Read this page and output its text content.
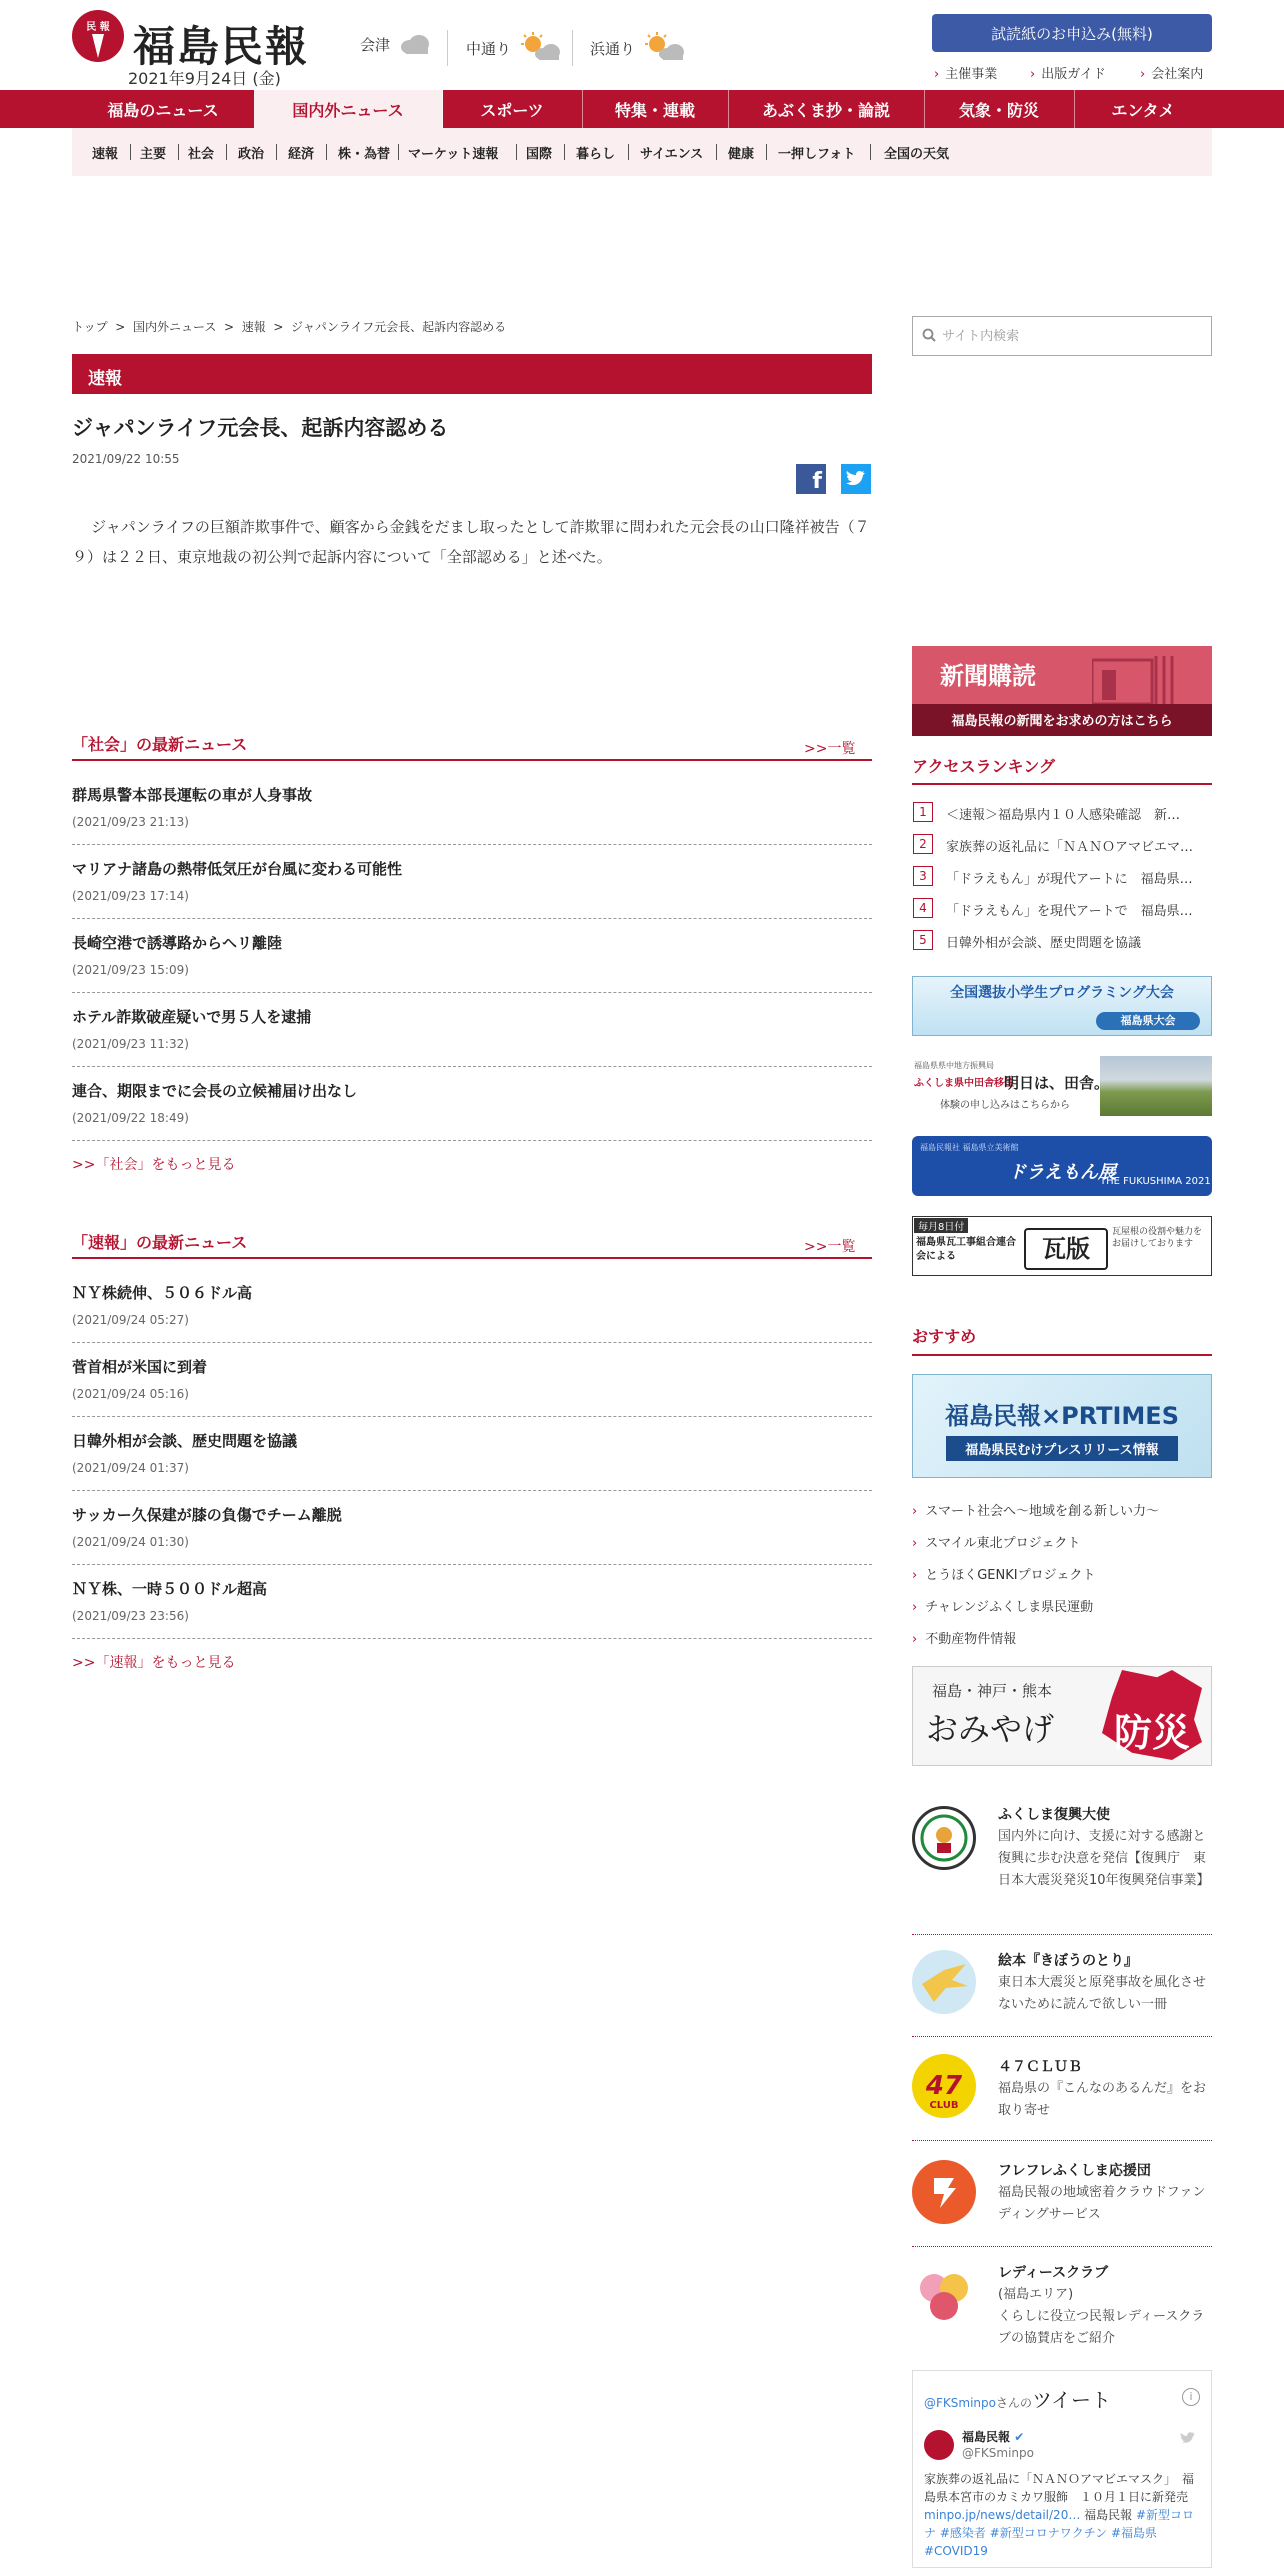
民 報 福島民報
2021年9月24日 (金)
会津	中通り	浜通り
試読紙のお申込み(無料)
› 主催事業	› 出版ガイド	› 会社案内
福島のニュース	国内外ニュース	スポーツ	特集・連載	あぶくま抄・論説	気象・防災	エンタメ
速報 主要 社会 政治 経済 株・為替 マーケット速報 国際 暮らし サイエンス 健康 一押しフォト 全国の天気
トップ  >  国内外ニュース  >  速報  >  ジャパンライフ元会長、起訴内容認める
サイト内検索
速報
ジャパンライフ元会長、起訴内容認める
2021/09/22 10:55
f
ジャパンライフの巨額詐欺事件で、顧客から金銭をだまし取ったとして詐欺罪に問われた元会長の山口隆祥被告（７９）は２２日、東京地裁の初公判で起訴内容について「全部認める」と述べた。
「社会」の最新ニュース	>>一覧
群馬県警本部長運転の車が人身事故
(2021/09/23 21:13)
マリアナ諸島の熱帯低気圧が台風に変わる可能性
(2021/09/23 17:14)
長崎空港で誘導路からヘリ離陸
(2021/09/23 15:09)
ホテル詐欺破産疑いで男５人を逮捕
(2021/09/23 11:32)
連合、期限までに会長の立候補届け出なし
(2021/09/22 18:49)
>>「社会」をもっと見る
「速報」の最新ニュース	>>一覧
ＮＹ株続伸、５０６ドル高
(2021/09/24 05:27)
菅首相が米国に到着
(2021/09/24 05:16)
日韓外相が会談、歴史問題を協議
(2021/09/24 01:37)
サッカー久保建が膝の負傷でチーム離脱
(2021/09/24 01:30)
ＮＹ株、一時５００ドル超高
(2021/09/23 23:56)
>>「速報」をもっと見る
新聞購読
福島民報の新聞をお求めの方はこちら
アクセスランキング
1	＜速報＞福島県内１０人感染確認　新…
2	家族葬の返礼品に「ＮＡＮＯアマビエマ…
3	「ドラえもん」が現代アートに　福島県…
4	「ドラえもん」を現代アートで　福島県…
5	日韓外相が会談、歴史問題を協議
全国選抜小学生プログラミング大会
福島県大会
福島県県中地方振興局
ふくしま県中田舎移住
明日は、田舎。
体験の申し込みはこちらから
福島民報社 福島県立美術館
ドラえもん展
THE FUKUSHIMA 2021
毎月8日付
福島県瓦工事組合連合会による	瓦版
瓦屋根の役割や魅力をお届けしております
おすすめ
福島民報×PRTIMES
福島県民むけプレスリリース情報
› スマート社会へ～地域を創る新しい力～
› スマイル東北プロジェクト
› とうほくGENKIプロジェクト
› チャレンジふくしま県民運動
› 不動産物件情報
福島・神戸・熊本
おみやげ 防災
ふくしま復興大使
国内外に向け、支援に対する感謝と復興に歩む決意を発信【復興庁　東日本大震災発災10年復興発信事業】
絵本『きぼうのとり』
東日本大震災と原発事故を風化させないために読んで欲しい一冊
47
CLUB
４７ＣＬＵＢ
福島県の『こんなのあるんだ』をお取り寄せ
フレフレふくしま応援団
福島民報の地域密着クラウドファンディングサービス
レディースクラブ
(福島エリア)
くらしに役立つ民報レディースクラブの協賛店をご紹介
@FKSminpoさんのツイート	i
福島民報 ✔
@FKSminpo
家族葬の返礼品に「ＮＡＮＯアマビエマスク」　福島県本宮市のカミカワ服飾　１０月１日に新発売 minpo.jp/news/detail/20… 福島民報 #新型コロナ #感染者 #新型コロナワクチン #福島県 #COVID19
